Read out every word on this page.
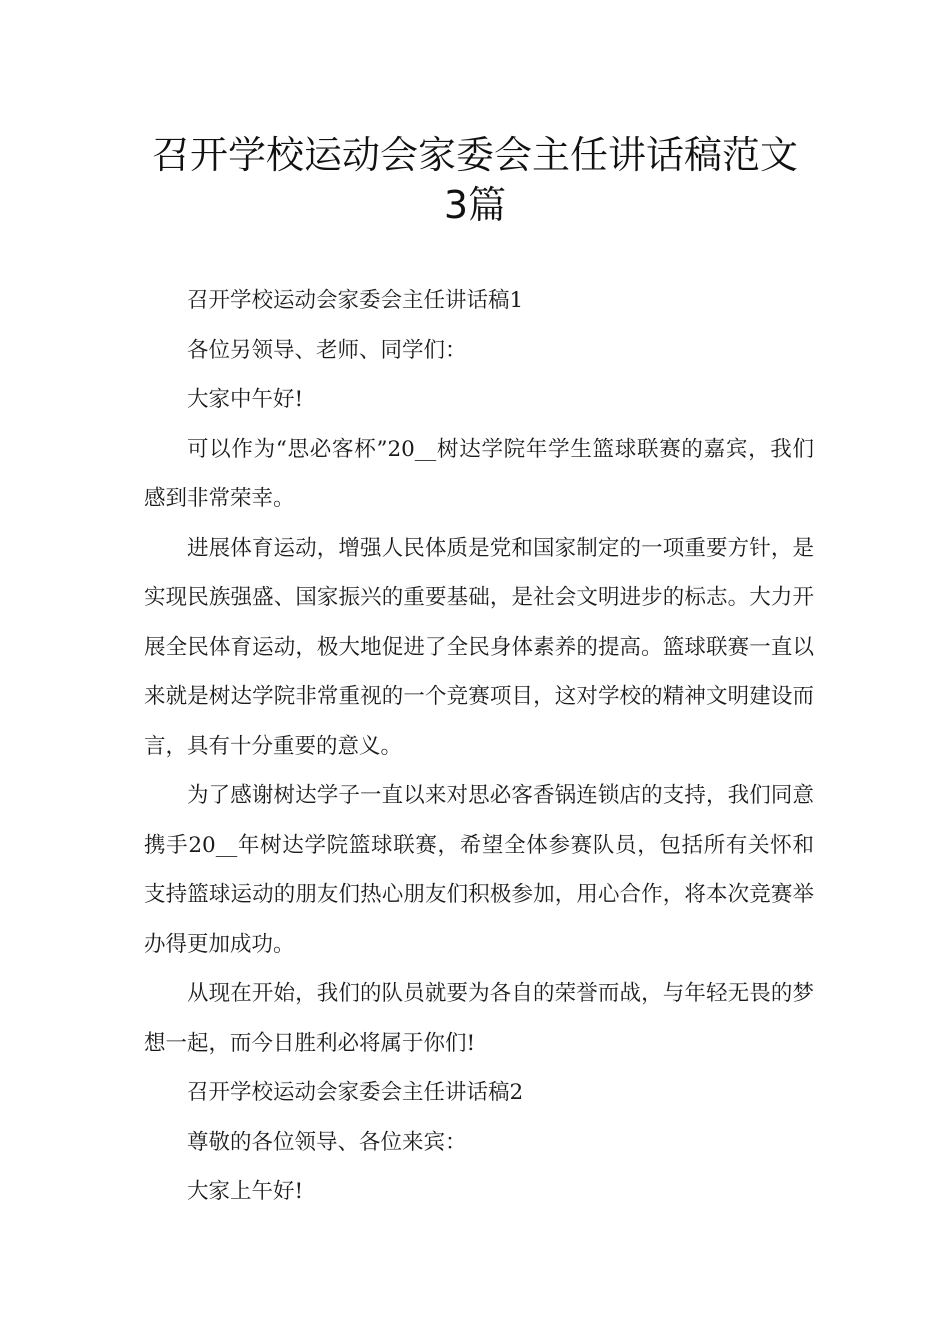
召开学校运动会家委会主任讲话稿范文
3篇

召开学校运动会家委会主任讲话稿1

各位另领导、老师、同学们：

大家中午好!

可以作为“思必客杯”20__树达学院年学生篮球联赛的嘉宾，我们感到非常荣幸。

进展体育运动，增强人民体质是党和国家制定的一项重要方针，是实现民族强盛、国家振兴的重要基础，是社会文明进步的标志。大力开展全民体育运动，极大地促进了全民身体素养的提高。篮球联赛一直以来就是树达学院非常重视的一个竞赛项目，这对学校的精神文明建设而言，具有十分重要的意义。

为了感谢树达学子一直以来对思必客香锅连锁店的支持，我们同意携手20__年树达学院篮球联赛，希望全体参赛队员，包括所有关怀和支持篮球运动的朋友们热心朋友们积极参加，用心合作，将本次竞赛举办得更加成功。

从现在开始，我们的队员就要为各自的荣誉而战，与年轻无畏的梦想一起，而今日胜利必将属于你们!

召开学校运动会家委会主任讲话稿2

尊敬的各位领导、各位来宾：

大家上午好!
